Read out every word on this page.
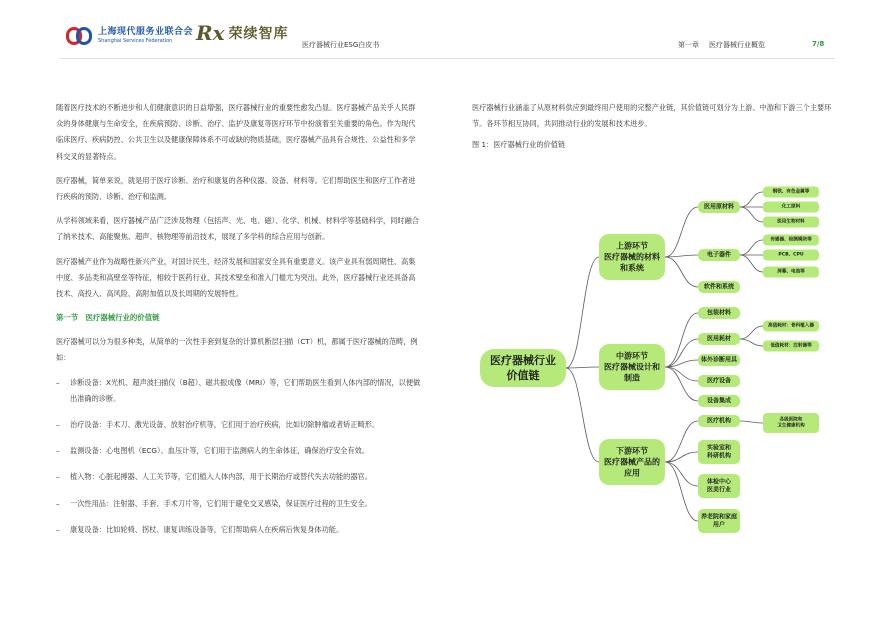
上海现代服务业联合会
Shanghai Services Federation	Rx 荣续智库
医疗器械行业ESG白皮书	第一章 医疗器械行业概览	7/8

随着医疗技术的不断进步和人们健康意识的日益增强，医疗器械行业的重要性愈发凸显。医疗器械产品关乎人民群众的身体健康与生命安全，在疾病预防、诊断、治疗、监护及康复等医疗环节中扮演着至关重要的角色。作为现代临床医疗、疾病防控、公共卫生以及健康保障体系不可或缺的物质基础，医疗器械产品具有合规性、公益性和多学科交叉的显著特点。

医疗器械，简单来说，就是用于医疗诊断、治疗和康复的各种仪器、设备、材料等。它们帮助医生和医疗工作者进行疾病的预防、诊断、治疗和监测。

从学科领域来看，医疗器械产品广泛涉及物理（包括声、光、电、磁）、化学、机械、材料学等基础科学，同时融合了纳米技术、高能聚焦、超声、核物理等前沿技术，展现了多学科的综合应用与创新。

医疗器械产业作为战略性新兴产业，对国计民生、经济发展和国家安全具有重要意义。该产业具有弱周期性、高集中度、多品类和高壁垒等特征，相较于医药行业，其技术壁垒和准入门槛尤为突出。此外，医疗器械行业还具备高技术、高投入、高风险、高附加值以及长周期的发展特性。

第一节　医疗器械行业的价值链

医疗器械可以分为很多种类，从简单的一次性手套到复杂的计算机断层扫描（CT）机，都属于医疗器械的范畴，例如：

– 诊断设备：X光机、超声波扫描仪（B超）、磁共振成像（MRI）等，它们帮助医生看到人体内部的情况，以便做出准确的诊断。
– 治疗设备：手术刀、激光设备、放射治疗机等，它们用于治疗疾病，比如切除肿瘤或者矫正畸形。
– 监测设备：心电图机（ECG）、血压计等，它们用于监测病人的生命体征，确保治疗安全有效。
– 植入物：心脏起搏器、人工关节等，它们植入人体内部，用于长期治疗或替代失去功能的器官。
– 一次性用品：注射器、手套、手术刀片等，它们用于避免交叉感染，保证医疗过程的卫生安全。
– 康复设备：比如轮椅、拐杖、康复训练设备等，它们帮助病人在疾病后恢复身体功能。

医疗器械行业涵盖了从原材料供应到最终用户使用的完整产业链，其价值链可划分为上游、中游和下游三个主要环节。各环节相互协同，共同推动行业的发展和技术进步。

图 1：医疗器械行业的价值链

医疗器械行业
价值链
上游环节
医疗器械的材料
和系统
医用原材料
钢铁、有色金属等
化工原料
医用生物材料
电子器件
传感器、检测模块等
PCB、CPU
屏幕、电池等
软件和系统
中游环节
医疗器械设计和
制造
包装材料
医用耗材
高值耗材：骨科植入器
低值耗材：注射器等
体外诊断用具
医疗设备
设备集成
下游环节
医疗器械产品的
应用
医疗机构	各级医院和
卫生健康机构
实验室和
科研机构
体检中心
医美行业
养老院和家庭
用户
